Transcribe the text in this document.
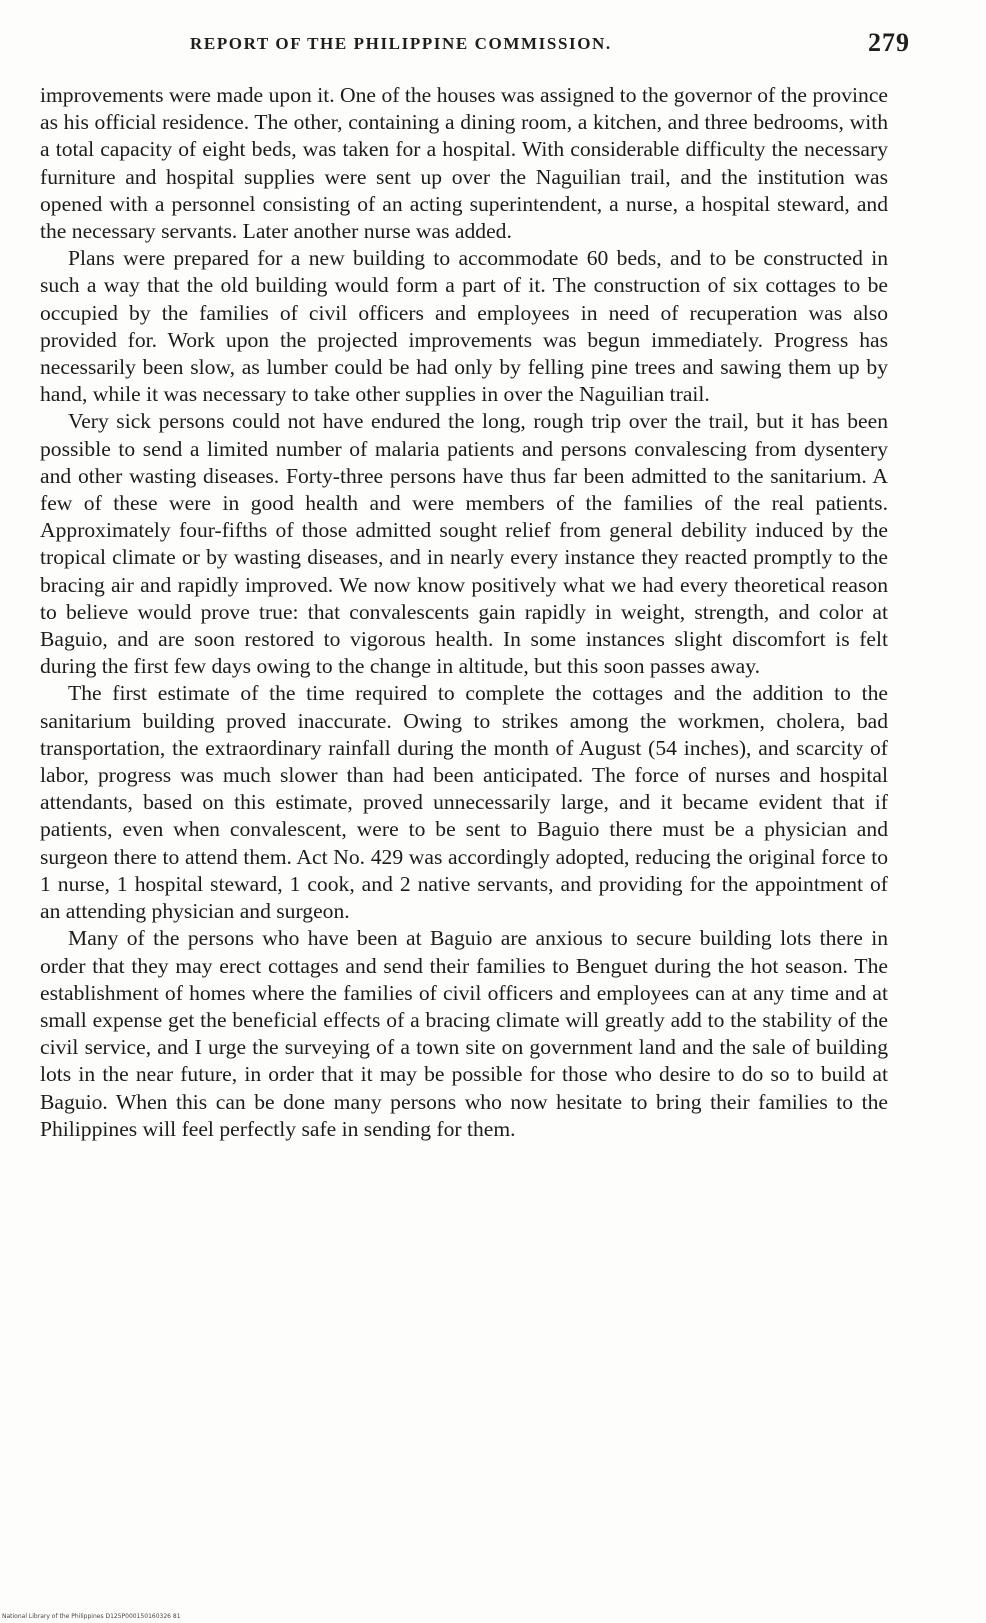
REPORT OF THE PHILIPPINE COMMISSION.	279

improvements were made upon it. One of the houses was assigned to the governor of the province as his official residence. The other, containing a dining room, a kitchen, and three bedrooms, with a total capacity of eight beds, was taken for a hospital. With considerable difficulty the necessary furniture and hospital supplies were sent up over the Naguilian trail, and the institution was opened with a personnel consisting of an acting superintendent, a nurse, a hospital steward, and the necessary servants. Later another nurse was added.

Plans were prepared for a new building to accommodate 60 beds, and to be constructed in such a way that the old building would form a part of it. The construction of six cottages to be occupied by the families of civil officers and employees in need of recuperation was also provided for. Work upon the projected improvements was begun immediately. Progress has necessarily been slow, as lumber could be had only by felling pine trees and sawing them up by hand, while it was necessary to take other supplies in over the Naguilian trail.

Very sick persons could not have endured the long, rough trip over the trail, but it has been possible to send a limited number of malaria patients and persons convalescing from dysentery and other wasting diseases. Forty-three persons have thus far been admitted to the sanitarium. A few of these were in good health and were members of the families of the real patients. Approximately four-fifths of those admitted sought relief from general debility induced by the tropical climate or by wasting diseases, and in nearly every instance they reacted promptly to the bracing air and rapidly improved. We now know positively what we had every theoretical reason to believe would prove true: that convalescents gain rapidly in weight, strength, and color at Baguio, and are soon restored to vigorous health. In some instances slight discomfort is felt during the first few days owing to the change in altitude, but this soon passes away.

The first estimate of the time required to complete the cottages and the addition to the sanitarium building proved inaccurate. Owing to strikes among the workmen, cholera, bad transportation, the extraordinary rainfall during the month of August (54 inches), and scarcity of labor, progress was much slower than had been anticipated. The force of nurses and hospital attendants, based on this estimate, proved unnecessarily large, and it became evident that if patients, even when convalescent, were to be sent to Baguio there must be a physician and surgeon there to attend them. Act No. 429 was accordingly adopted, reducing the original force to 1 nurse, 1 hospital steward, 1 cook, and 2 native servants, and providing for the appointment of an attending physician and surgeon.

Many of the persons who have been at Baguio are anxious to secure building lots there in order that they may erect cottages and send their families to Benguet during the hot season. The establishment of homes where the families of civil officers and employees can at any time and at small expense get the beneficial effects of a bracing climate will greatly add to the stability of the civil service, and I urge the surveying of a town site on government land and the sale of building lots in the near future, in order that it may be possible for those who desire to do so to build at Baguio. When this can be done many persons who now hesitate to bring their families to the Philippines will feel perfectly safe in sending for them.

National Library of the Philippines D125P000150160326 81
